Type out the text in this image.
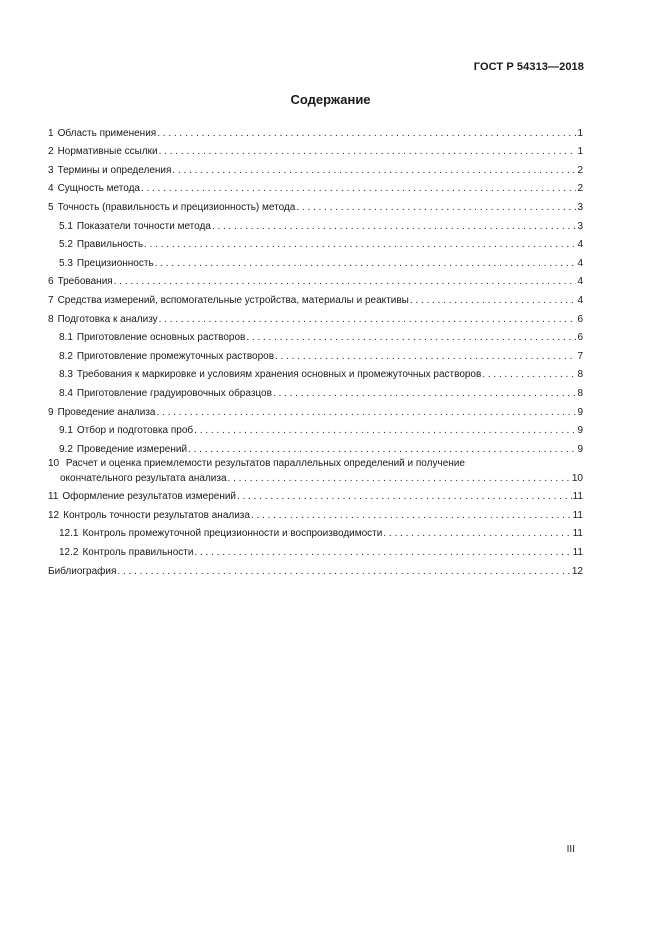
ГОСТ Р 54313—2018
Содержание
1 Область применения . . .	1
2 Нормативные ссылки . . .	1
3 Термины и определения . . .	2
4 Сущность метода . . .	2
5 Точность (правильность и прецизионность) метода . . .	3
5.1 Показатели точности метода . . .	3
5.2 Правильность . . .	4
5.3 Прецизионность . . .	4
6 Требования . . .	4
7 Средства измерений, вспомогательные устройства, материалы и реактивы . . .	4
8 Подготовка к анализу . . .	6
8.1 Приготовление основных растворов . . .	6
8.2 Приготовление промежуточных растворов . . .	7
8.3 Требования к маркировке и условиям хранения основных и промежуточных растворов . . .	8
8.4 Приготовление градуировочных образцов . . .	8
9 Проведение анализа . . .	9
9.1 Отбор и подготовка проб . . .	9
9.2 Проведение измерений . . .	9
10 Расчет и оценка приемлемости результатов параллельных определений и получение
окончательного результата анализа . . .	10
11 Оформление результатов измерений . . .	11
12 Контроль точности результатов анализа . . .	11
12.1 Контроль промежуточной прецизионности и воспроизводимости . . .	11
12.2 Контроль правильности . . .	11
Библиография . . .	12
III
